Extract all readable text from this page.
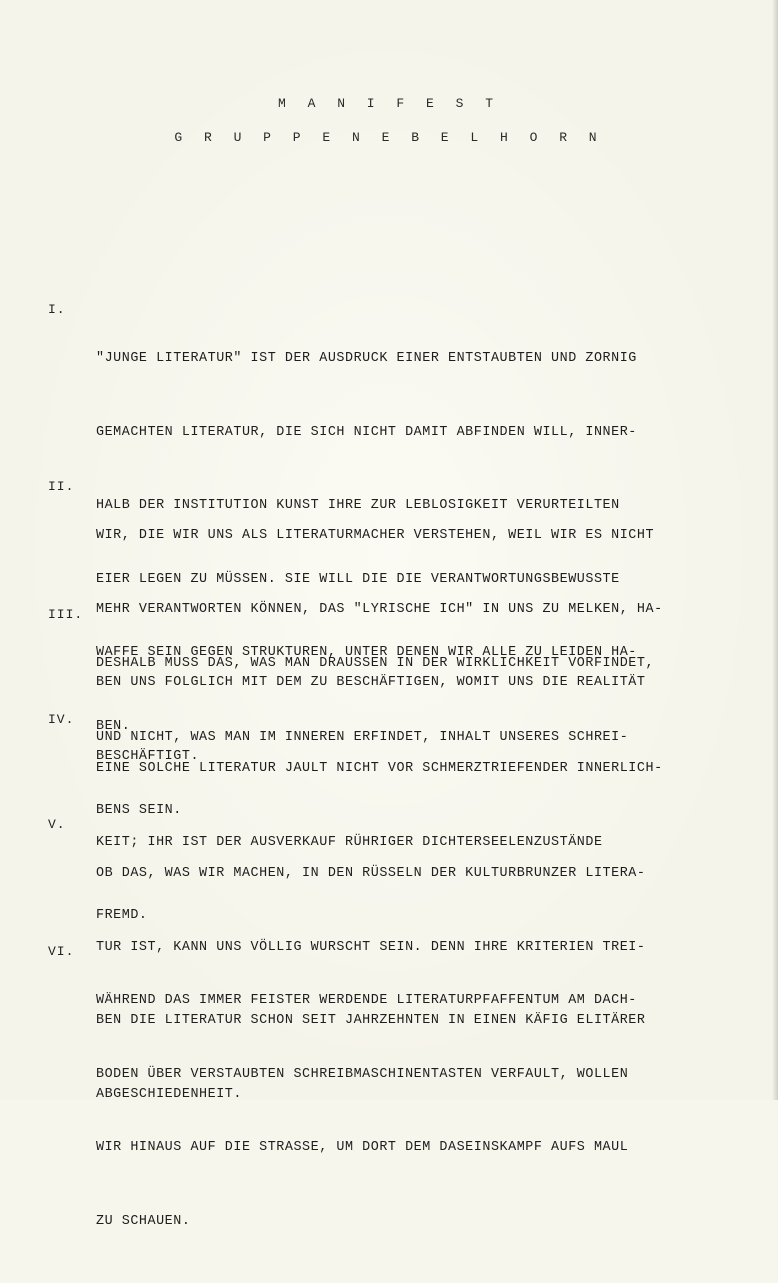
M A N I F E S T
G R U P P E N E B E L H O R N
I.

"JUNGE LITERATUR" IST DER AUSDRUCK EINER ENTSTAUBTEN UND ZORNIG

GEMACHTEN LITERATUR, DIE SICH NICHT DAMIT ABFINDEN WILL, INNER-

HALB DER INSTITUTION KUNST IHRE ZUR LEBLOSIGKEIT VERURTEILTEN

EIER LEGEN ZU MÜSSEN. SIE WILL DIE DIE VERANTWORTUNGSBEWUSSTE

WAFFE SEIN GEGEN STRUKTUREN, UNTER DENEN WIR ALLE ZU LEIDEN HA-

BEN.

II.

WIR, DIE WIR UNS ALS LITERATURMACHER VERSTEHEN, WEIL WIR ES NICHT

MEHR VERANTWORTEN KÖNNEN, DAS "LYRISCHE ICH" IN UNS ZU MELKEN, HA-

BEN UNS FOLGLICH MIT DEM ZU BESCHÄFTIGEN, WOMIT UNS DIE REALITÄT

BESCHÄFTIGT.

III.

DESHALB MUSS DAS, WAS MAN DRAUSSEN IN DER WIRKLICHKEIT VORFINDET,

UND NICHT, WAS MAN IM INNEREN ERFINDET, INHALT UNSERES SCHREI-

BENS SEIN.

IV.

EINE SOLCHE LITERATUR JAULT NICHT VOR SCHMERZTRIEFENDER INNERLICH-

KEIT; IHR IST DER AUSVERKAUF RÜHRIGER DICHTERSEELENZUSTÄNDE

FREMD.

V.

OB DAS, WAS WIR MACHEN, IN DEN RÜSSELN DER KULTURBRUNZER LITERA-

TUR IST, KANN UNS VÖLLIG WURSCHT SEIN. DENN IHRE KRITERIEN TREI-

BEN DIE LITERATUR SCHON SEIT JAHRZEHNTEN IN EINEN KÄFIG ELITÄRER

ABGESCHIEDENHEIT.

VI.

WÄHREND DAS IMMER FEISTER WERDENDE LITERATURPFAFFENTUM AM DACH-

BODEN ÜBER VERSTAUBTEN SCHREIBMASCHINENTASTEN VERFAULT, WOLLEN

WIR HINAUS AUF DIE STRASSE, UM DORT DEM DASEINSKAMPF AUFS MAUL

ZU SCHAUEN.
